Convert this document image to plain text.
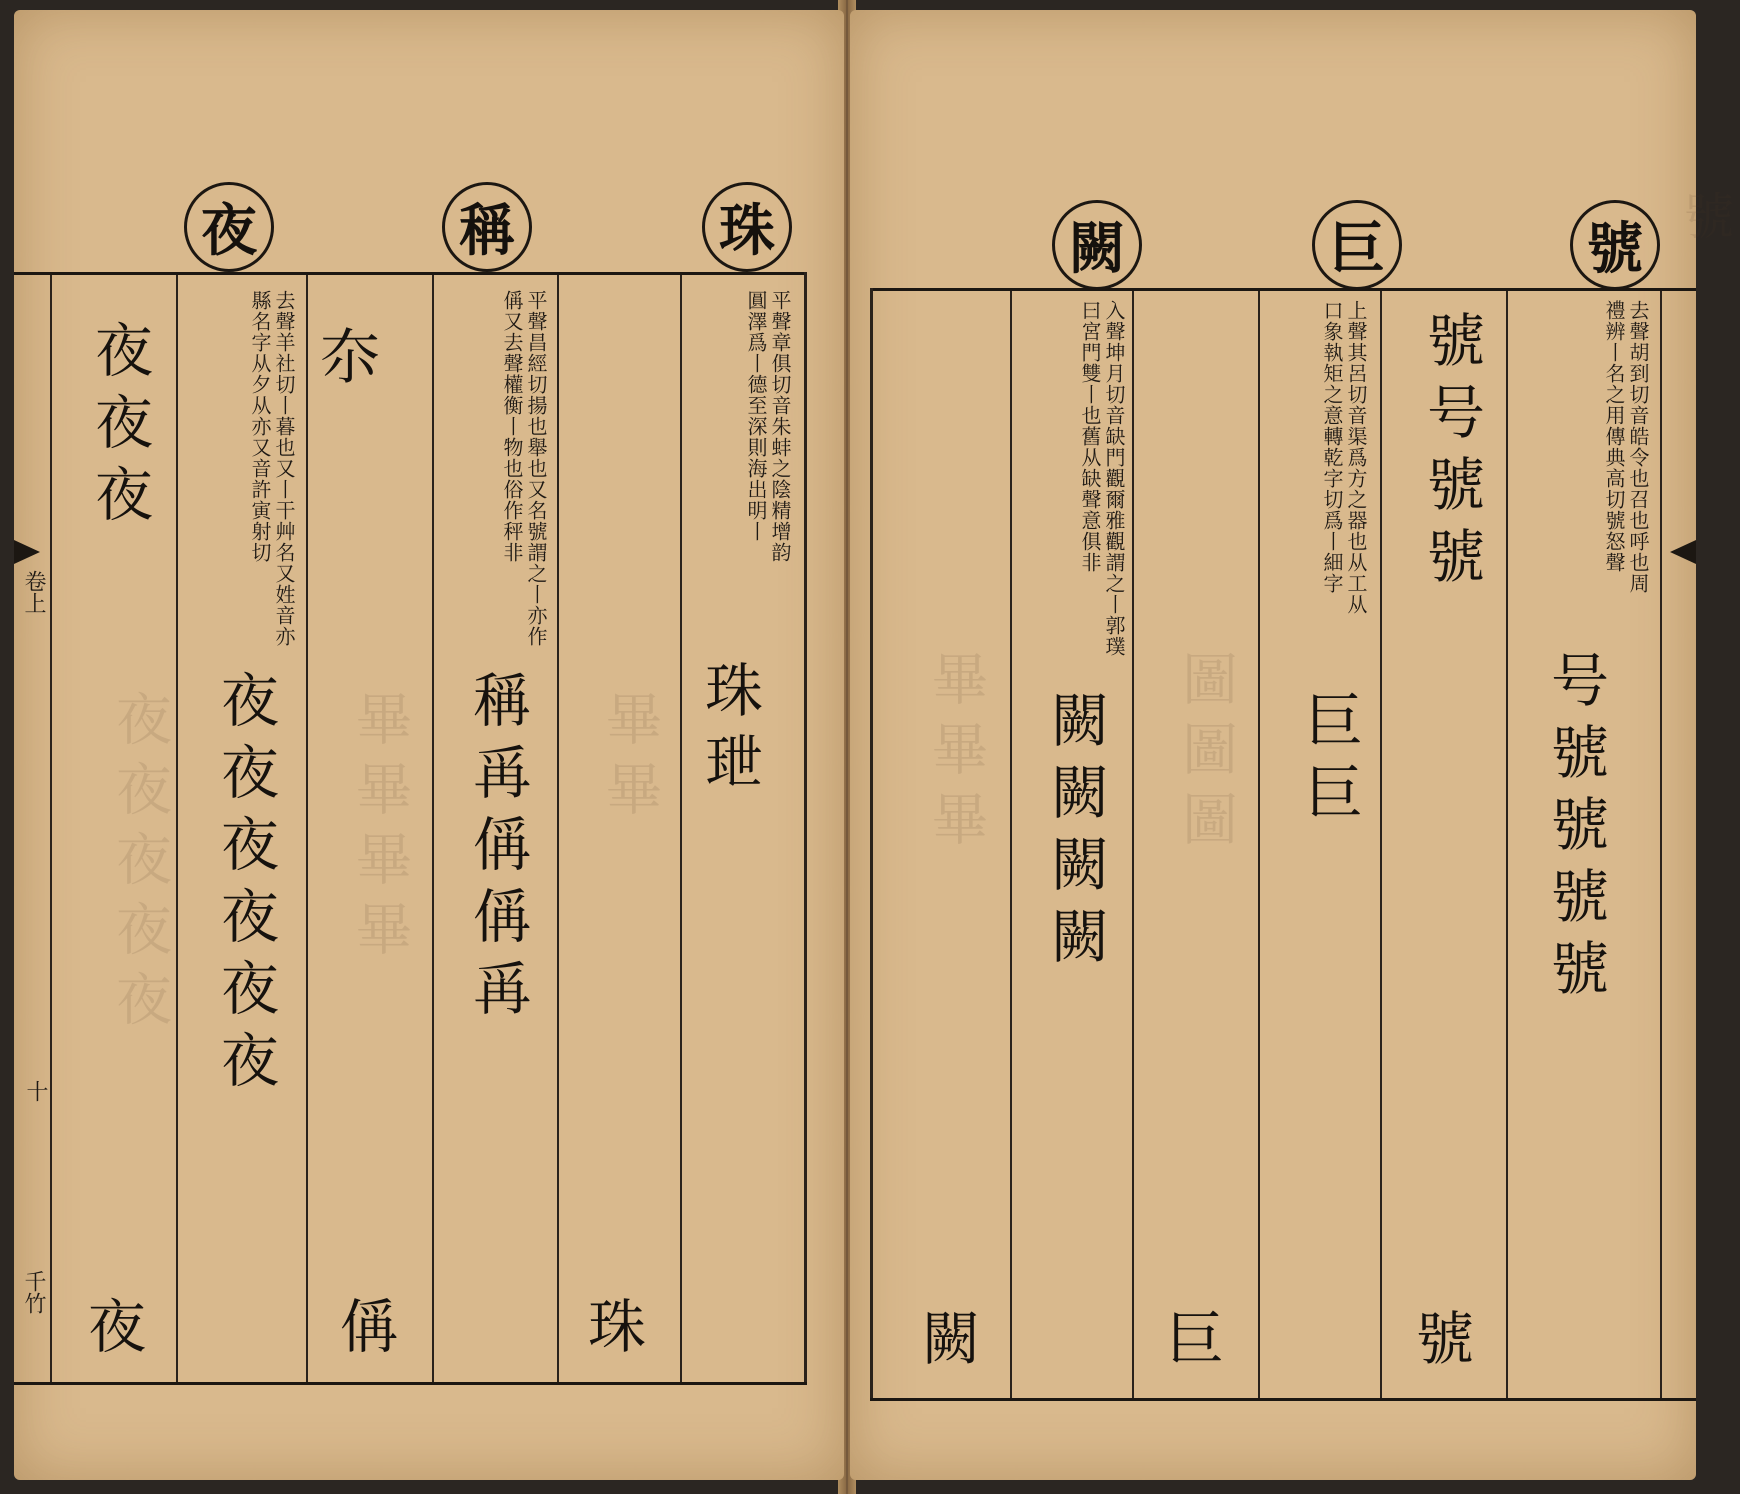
珠
稱
夜
平聲章俱切音朱蚌之陰精增韵圓澤爲丨德至深則海出明丨
珠𤤙
珠
平聲昌經切揚也舉也又名號謂之丨亦作偁又去聲權衡丨物也俗作秤非
稱爯偁偁爯
偁
去聲羊社切丨暮也又丨干艸名又姓音亦縣名字从夕从亦又音許寅射切
夜夜夜夜夜夜
夜
夜夜夜	夵
卷上
十
千竹
夜夜夜夜夜	畢畢畢畢	畢畢
號
巨
闕
去聲胡到切音皓令也召也呼也周禮辨丨名之用傳典高切號怒聲
号號號號號
號
號号號號
上聲其呂切音渠爲方之器也从工从口象執矩之意轉乾字切爲丨細字
巨巨
巨
入聲坤月切音缺門觀爾雅觀謂之丨郭璞曰宮門雙丨也舊从缺聲意俱非
闕闕闕闕
闕
畢畢畢	圖圖圖
號
